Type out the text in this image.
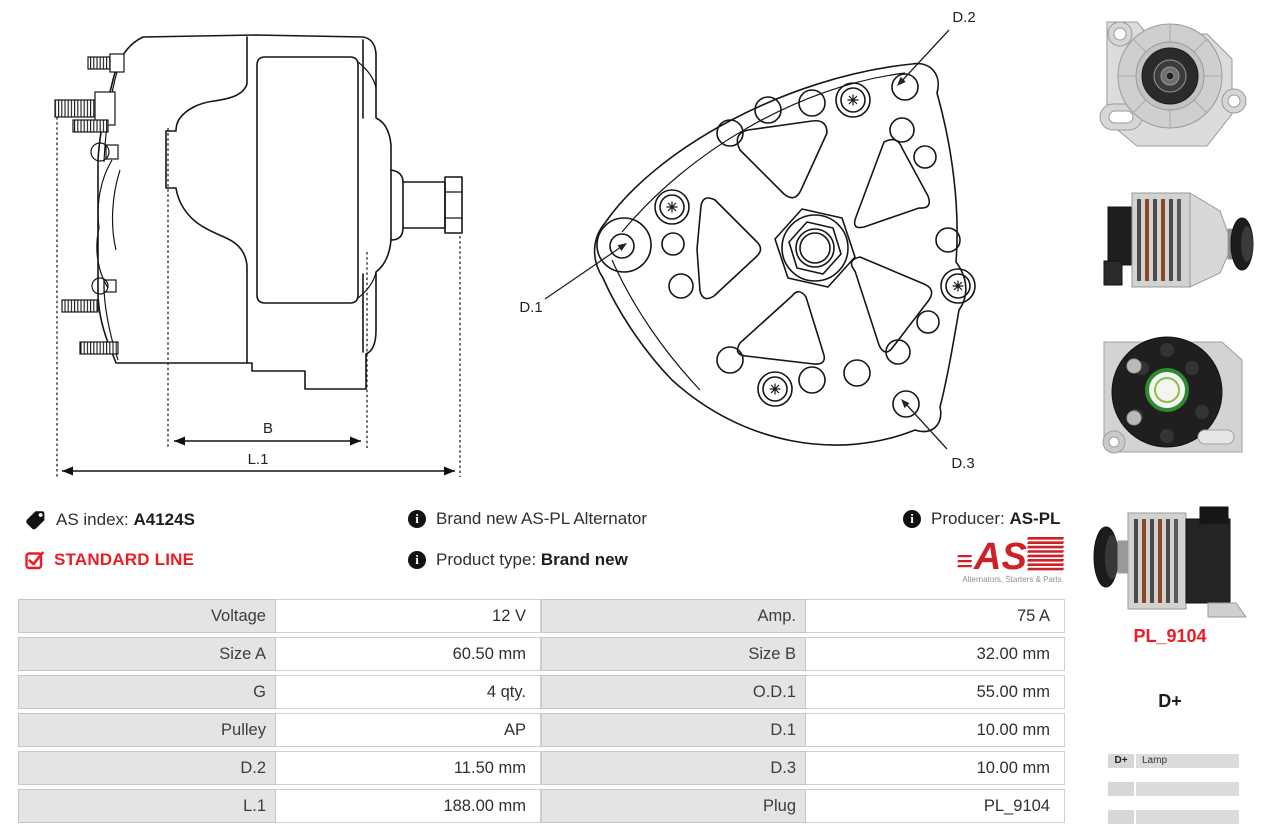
B
L.1
D.2
D.1
D.3

AS index: A4124S
STANDARD LINE
i
Brand new AS-PL Alternator
i
Product type: Brand new
i
Producer: AS-PL
AS
Alternators, Starters & Parts
Voltage	12 V	Amp.	75 A
Size A	60.50 mm	Size B	32.00 mm
G	4 qty.	O.D.1	55.00 mm
Pulley	AP	D.1	10.00 mm
D.2	11.50 mm	D.3	10.00 mm
L.1	188.00 mm	Plug	PL_9104
PL_9104
D+
D+	Lamp
